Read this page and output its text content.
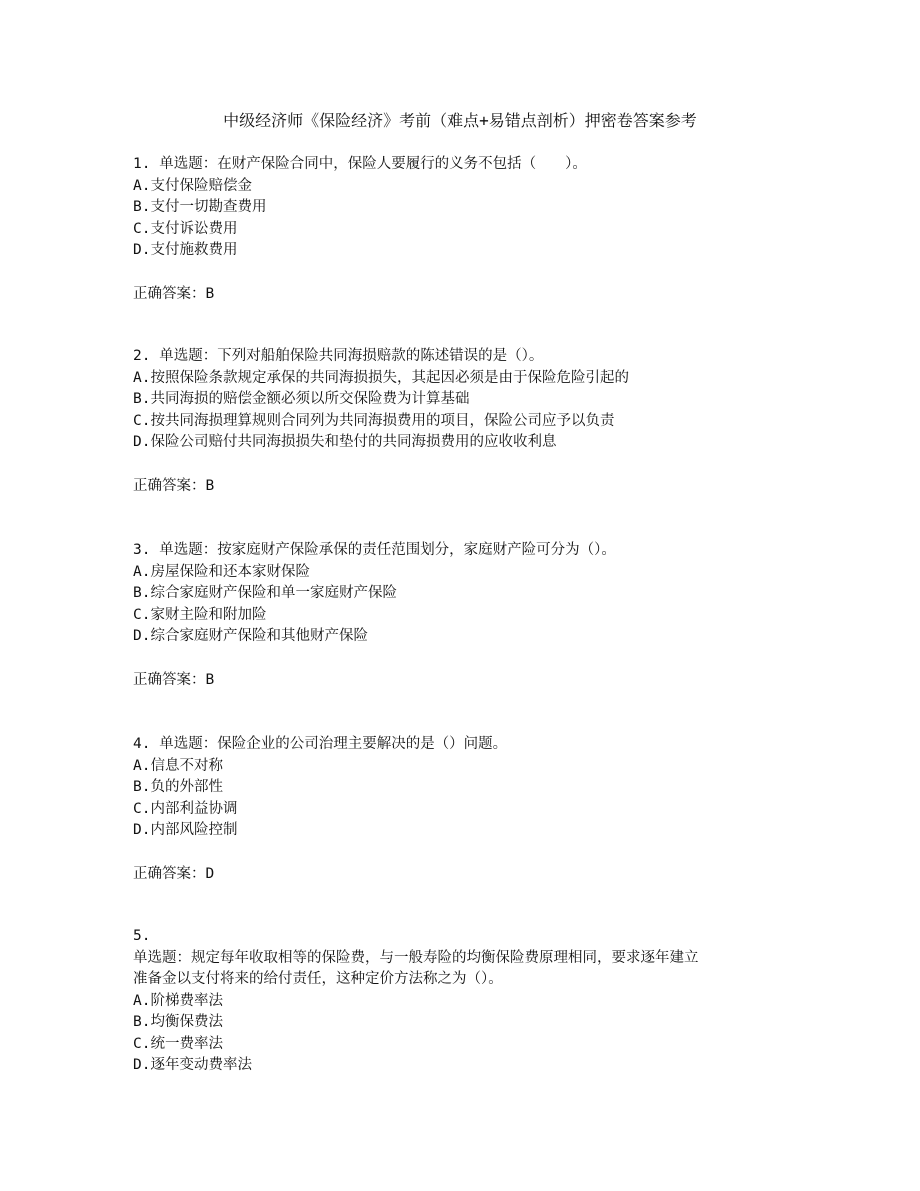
中级经济师《保险经济》考前（难点+易错点剖析）押密卷答案参考
1. 单选题：在财产保险合同中，保险人要履行的义务不包括（　　）。
A.支付保险赔偿金
B.支付一切勘查费用
C.支付诉讼费用
D.支付施救费用
正确答案：B
2. 单选题：下列对船舶保险共同海损赔款的陈述错误的是（）。
A.按照保险条款规定承保的共同海损损失，其起因必须是由于保险危险引起的
B.共同海损的赔偿金额必须以所交保险费为计算基础
C.按共同海损理算规则合同列为共同海损费用的项目，保险公司应予以负责
D.保险公司赔付共同海损损失和垫付的共同海损费用的应收收利息
正确答案：B
3. 单选题：按家庭财产保险承保的责任范围划分，家庭财产险可分为（）。
A.房屋保险和还本家财保险
B.综合家庭财产保险和单一家庭财产保险
C.家财主险和附加险
D.综合家庭财产保险和其他财产保险
正确答案：B
4. 单选题：保险企业的公司治理主要解决的是（）问题。
A.信息不对称
B.负的外部性
C.内部利益协调
D.内部风险控制
正确答案：D
5.
单选题：规定每年收取相等的保险费，与一般寿险的均衡保险费原理相同，要求逐年建立
准备金以支付将来的给付责任，这种定价方法称之为（）。
A.阶梯费率法
B.均衡保费法
C.统一费率法
D.逐年变动费率法
